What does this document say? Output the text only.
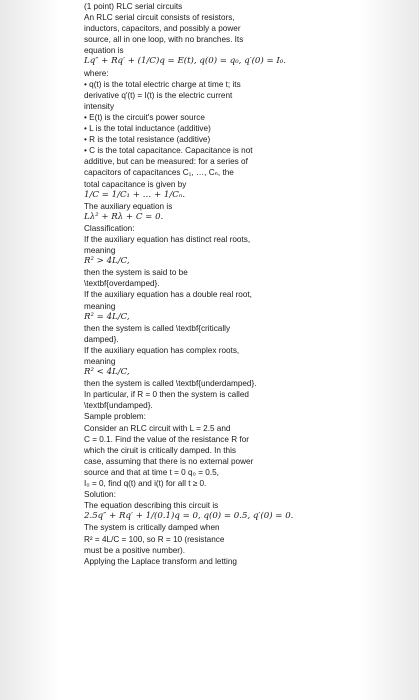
(1 point) RLC serial circuits
An RLC serial circuit consists of resistors,
inductors, capacitors, and possibly a power
source, all in one loop, with no branches. Its
equation is
Lq″ + Rq′ + (1/C)q = E(t), q(0) = q₀, q′(0) = I₀.
where:
• q(t) is the total electric charge at time t; its
derivative q′(t) = I(t) is the electric current
intensity
• E(t) is the circuit's power source
• L is the total inductance (additive)
• R is the total resistance (additive)
• C is the total capacitance. Capacitance is not
additive, but can be measured: for a series of
capacitors of capacitances C₁, …, Cₙ, the
total capacitance is given by
1/C = 1/C₁ + … + 1/Cₙ.
The auxiliary equation is
Lλ² + Rλ + C = 0.
Classification:
If the auxiliary equation has distinct real roots,
meaning
R² > 4L/C,
then the system is said to be
\textbf{overdamped}.
If the auxiliary equation has a double real root,
meaning
R² = 4L/C,
then the system is called \textbf{critically
damped}.
If the auxiliary equation has complex roots,
meaning
R² < 4L/C,
then the system is called \textbf{underdamped}.
In particular, if R = 0 then the system is called
\textbf{undamped}.
Sample problem:
Consider an RLC circuit with L = 2.5 and
C = 0.1. Find the value of the resistance R for
which the ciruit is critically damped. In this
case, assuming that there is no external power
source and that at time t = 0 q₀ = 0.5,
I₀ = 0, find q(t) and i(t) for all t ≥ 0.
Solution:
The equation describing this circuit is
2.5q″ + Rq′ + 1/(0.1)q = 0, q(0) = 0.5, q′(0) = 0.
The system is critically damped when
R² = 4L/C = 100, so R = 10 (resistance
must be a positive number).
Applying the Laplace transform and letting
